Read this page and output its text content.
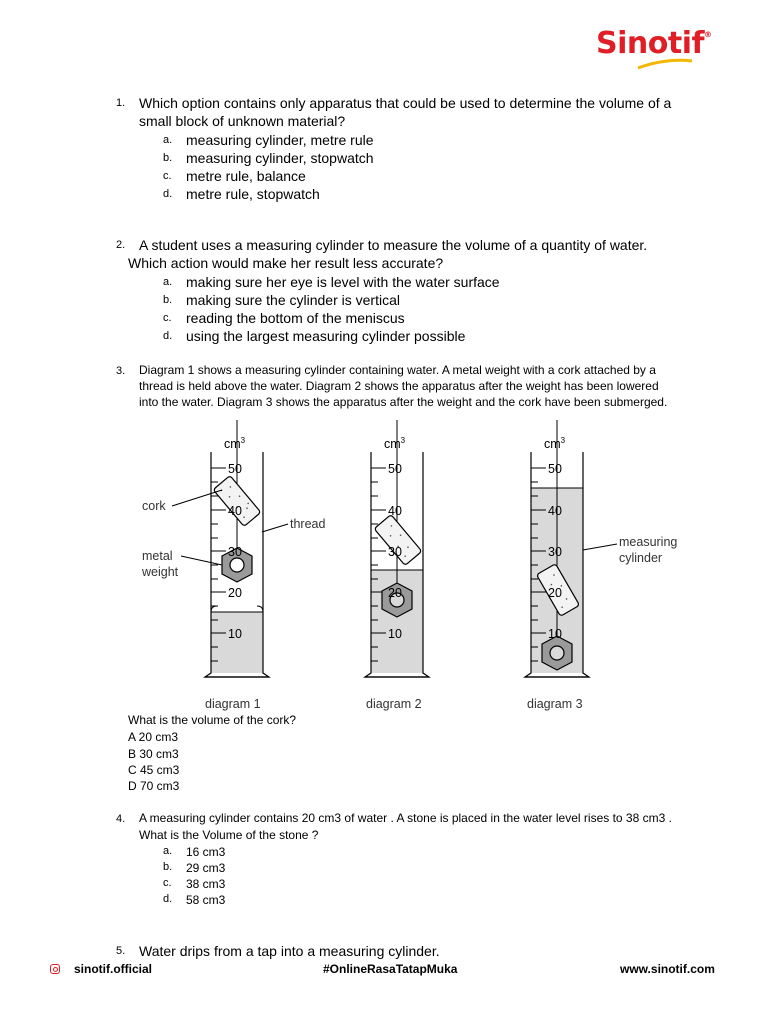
Sinotif®
1. Which option contains only apparatus that could be used to determine the volume of a
small block of unknown material?
a. measuring cylinder, metre rule
b. measuring cylinder, stopwatch
c. metre rule, balance
d. metre rule, stopwatch
2. A student uses a measuring cylinder to measure the volume of a quantity of water.
Which action would make her result less accurate?
a. making sure her eye is level with the water surface
b. making sure the cylinder is vertical
c. reading the bottom of the meniscus
d. using the largest measuring cylinder possible
3. Diagram 1 shows a measuring cylinder containing water. A metal weight with a cork attached by a
thread is held above the water. Diagram 2 shows the apparatus after the weight has been lowered
into the water. Diagram 3 shows the apparatus after the weight and the cork have been submerged.
$cm^3$
50
40
30
20
10
cork
thread
metal
weight
diagram 1
$cm^3$
50
40
30
20
10
diagram 2
$cm^3$
50
40
30
20
10
measuring
cylinder
diagram 3
What is the volume of the cork?
A 20 cm3
B 30 cm3
C 45 cm3
D 70 cm3
4. A measuring cylinder contains 20 cm3 of water . A stone is placed in the water level rises to 38 cm3 .
What is the Volume of the stone ?
a. 16 cm3
b. 29 cm3
c. 38 cm3
d. 58 cm3
5. Water drips from a tap into a measuring cylinder.
sinotif.official	#OnlineRasaTatapMuka	www.sinotif.com
